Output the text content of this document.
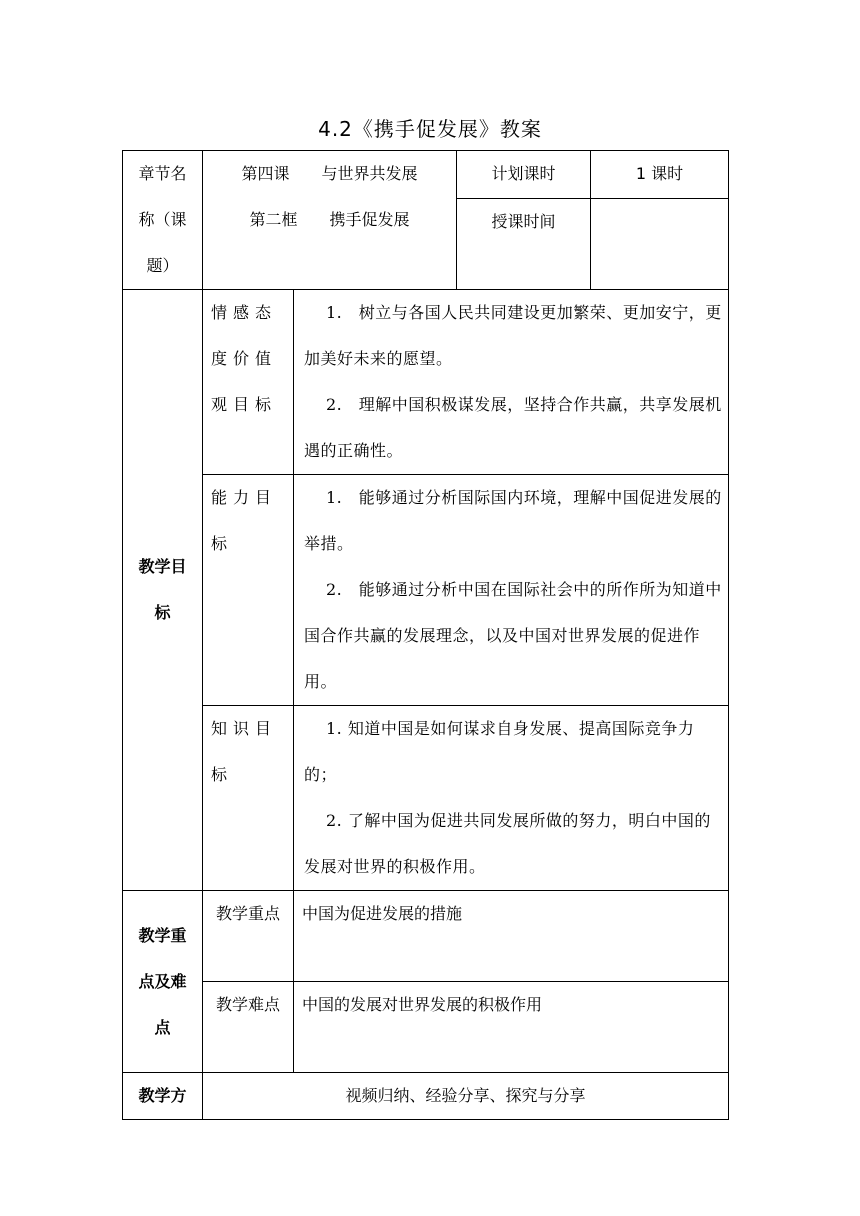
4.2《携手促发展》教案
章节名称（课题）	第四课　　与世界共发展
第二框　　携手促发展		计划课时	1 课时
			授课时间	

教学目标	情感态度价值观目标	1.　树立与各国人民共同建设更加繁荣、更加安宁，更加美好未来的愿望。
2.　理解中国积极谋发展，坚持合作共赢，共享发展机遇的正确性。		

	能力目标	1.　能够通过分析国际国内环境，理解中国促进发展的举措。
2.　能够通过分析中国在国际社会中的所作所为知道中国合作共赢的发展理念，以及中国对世界发展的促进作用。		

	知识目标	1. 知道中国是如何谋求自身发展、提高国际竞争力的；
2. 了解中国为促进共同发展所做的努力，明白中国的发展对世界的积极作用。		

教学重点及难点	教学重点	中国为促进发展的措施		

	教学难点	中国的发展对世界发展的积极作用		

教学方	视频归纳、经验分享、探究与分享			
